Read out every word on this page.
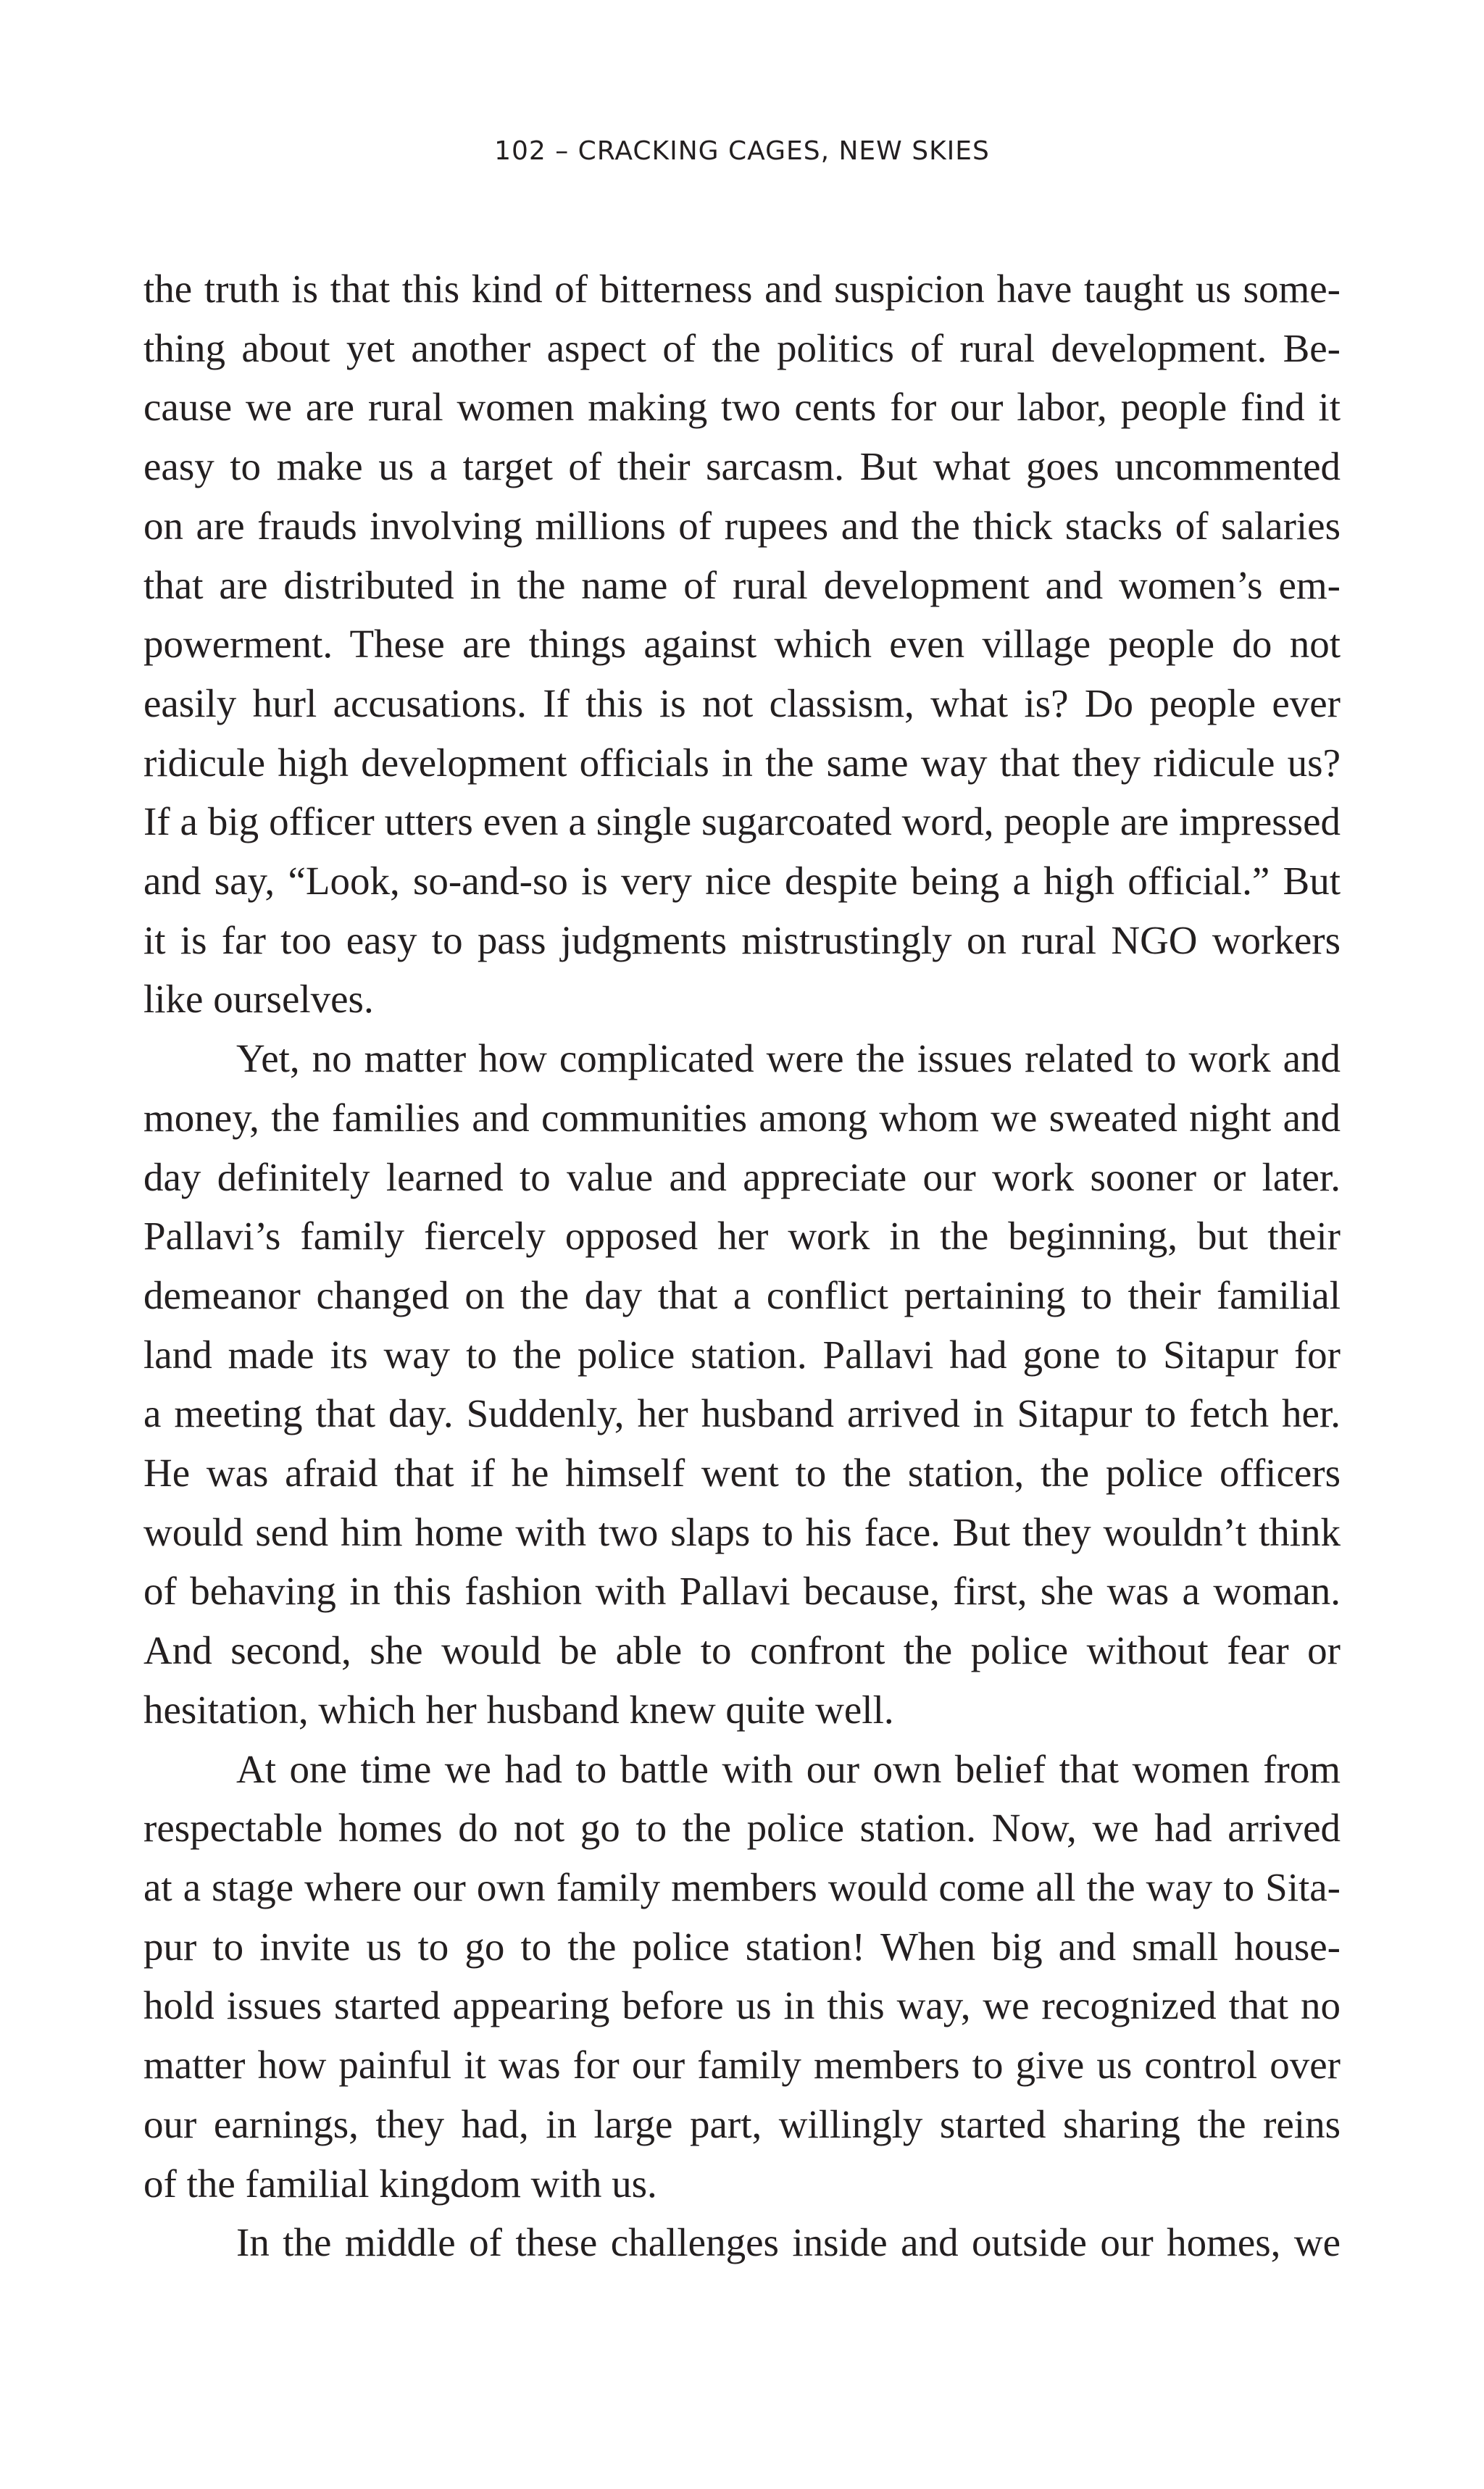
102 – CRACKING CAGES, NEW SKIES
the truth is that this kind of bitterness and suspicion have taught us some-
thing about yet another aspect of the politics of rural development. Be-
cause we are rural women making two cents for our labor, people find it
easy to make us a target of their sarcasm. But what goes uncommented
on are frauds involving millions of rupees and the thick stacks of salaries
that are distributed in the name of rural development and women’s em-
powerment. These are things against which even village people do not
easily hurl accusations. If this is not classism, what is? Do people ever
ridicule high development officials in the same way that they ridicule us?
If a big officer utters even a single sugarcoated word, people are impressed
and say, “Look, so-and-so is very nice despite being a high official.” But
it is far too easy to pass judgments mistrustingly on rural NGO workers
like ourselves.
Yet, no matter how complicated were the issues related to work and
money, the families and communities among whom we sweated night and
day definitely learned to value and appreciate our work sooner or later.
Pallavi’s family fiercely opposed her work in the beginning, but their
demeanor changed on the day that a conflict pertaining to their familial
land made its way to the police station. Pallavi had gone to Sitapur for
a meeting that day. Suddenly, her husband arrived in Sitapur to fetch her.
He was afraid that if he himself went to the station, the police officers
would send him home with two slaps to his face. But they wouldn’t think
of behaving in this fashion with Pallavi because, first, she was a woman.
And second, she would be able to confront the police without fear or
hesitation, which her husband knew quite well.
At one time we had to battle with our own belief that women from
respectable homes do not go to the police station. Now, we had arrived
at a stage where our own family members would come all the way to Sita-
pur to invite us to go to the police station! When big and small house-
hold issues started appearing before us in this way, we recognized that no
matter how painful it was for our family members to give us control over
our earnings, they had, in large part, willingly started sharing the reins
of the familial kingdom with us.
In the middle of these challenges inside and outside our homes, we
